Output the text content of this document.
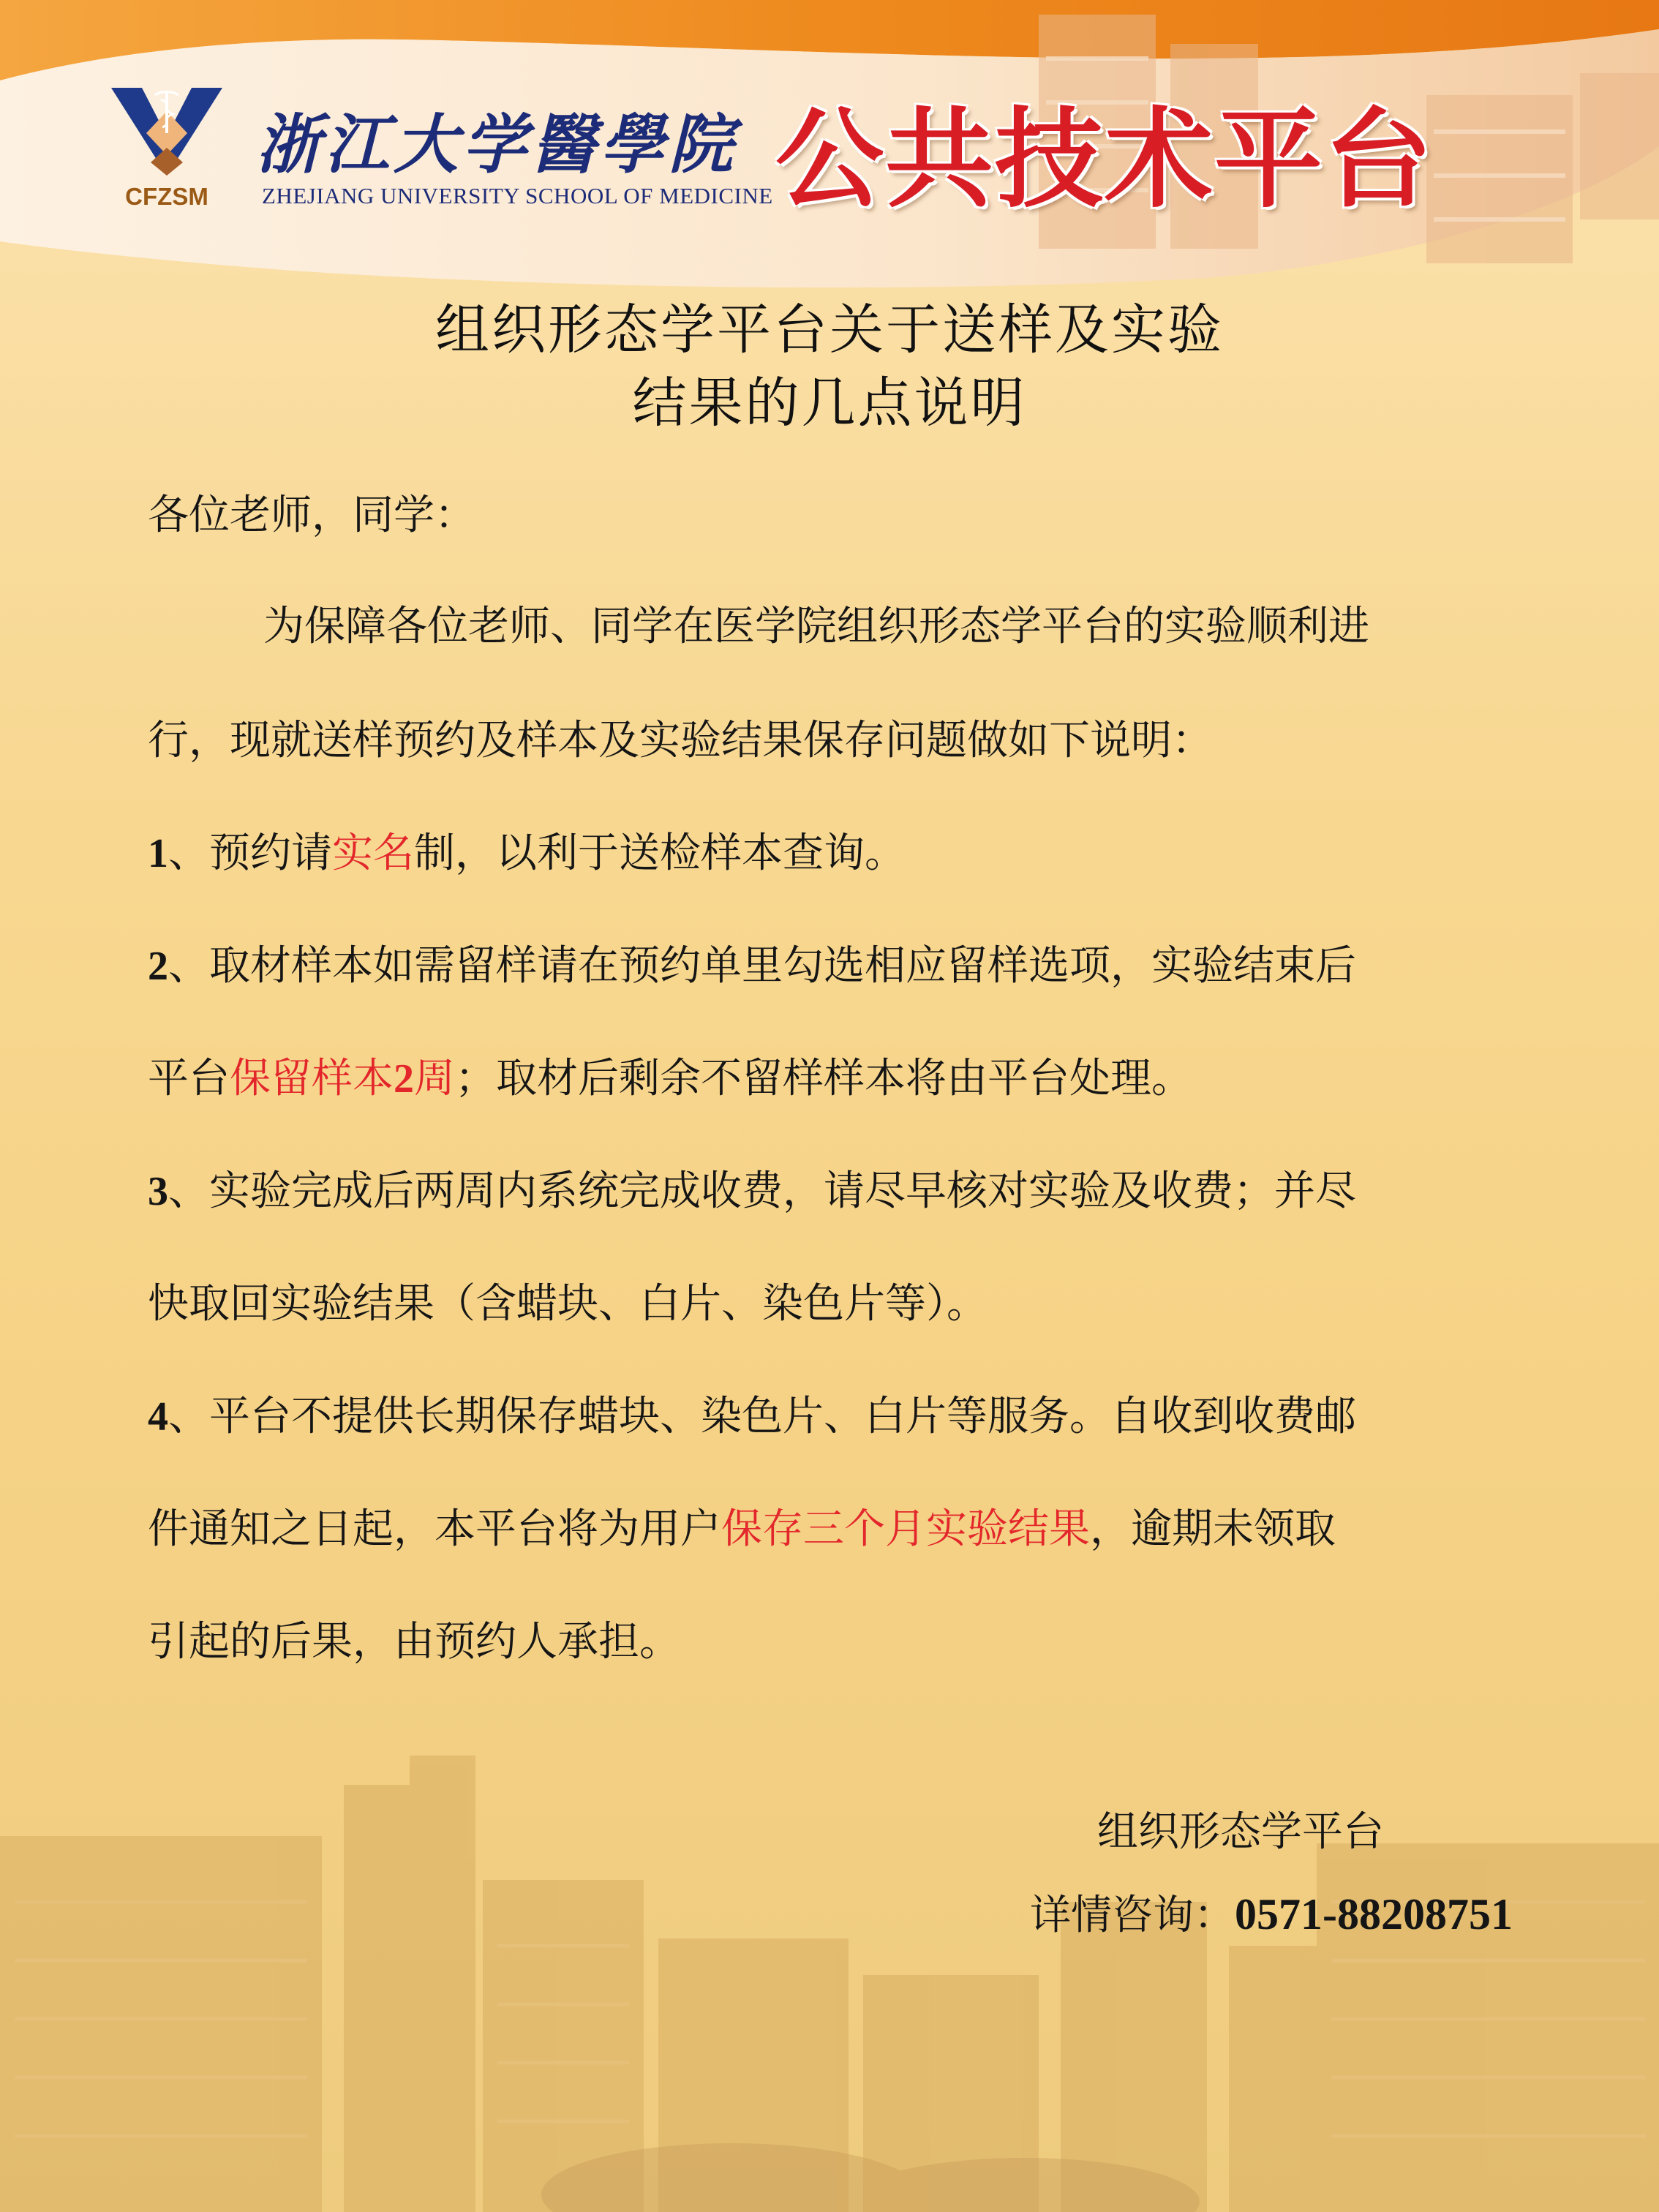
CFZSM
浙江大学醫學院
ZHEJIANG UNIVERSITY SCHOOL OF MEDICINE 公共技术平台
组织形态学平台关于送样及实验
结果的几点说明
各位老师，同学：
为保障各位老师、同学在医学院组织形态学平台的实验顺利进
行，现就送样预约及样本及实验结果保存问题做如下说明：
1、预约请实名制，以利于送检样本查询。
2、取材样本如需留样请在预约单里勾选相应留样选项，实验结束后
平台保留样本2周；取材后剩余不留样样本将由平台处理。
3、实验完成后两周内系统完成收费，请尽早核对实验及收费；并尽
快取回实验结果（含蜡块、白片、染色片等）。
4、平台不提供长期保存蜡块、染色片、白片等服务。自收到收费邮
件通知之日起，本平台将为用户保存三个月实验结果，逾期未领取
引起的后果，由预约人承担。
组织形态学平台
详情咨询：0571-88208751
